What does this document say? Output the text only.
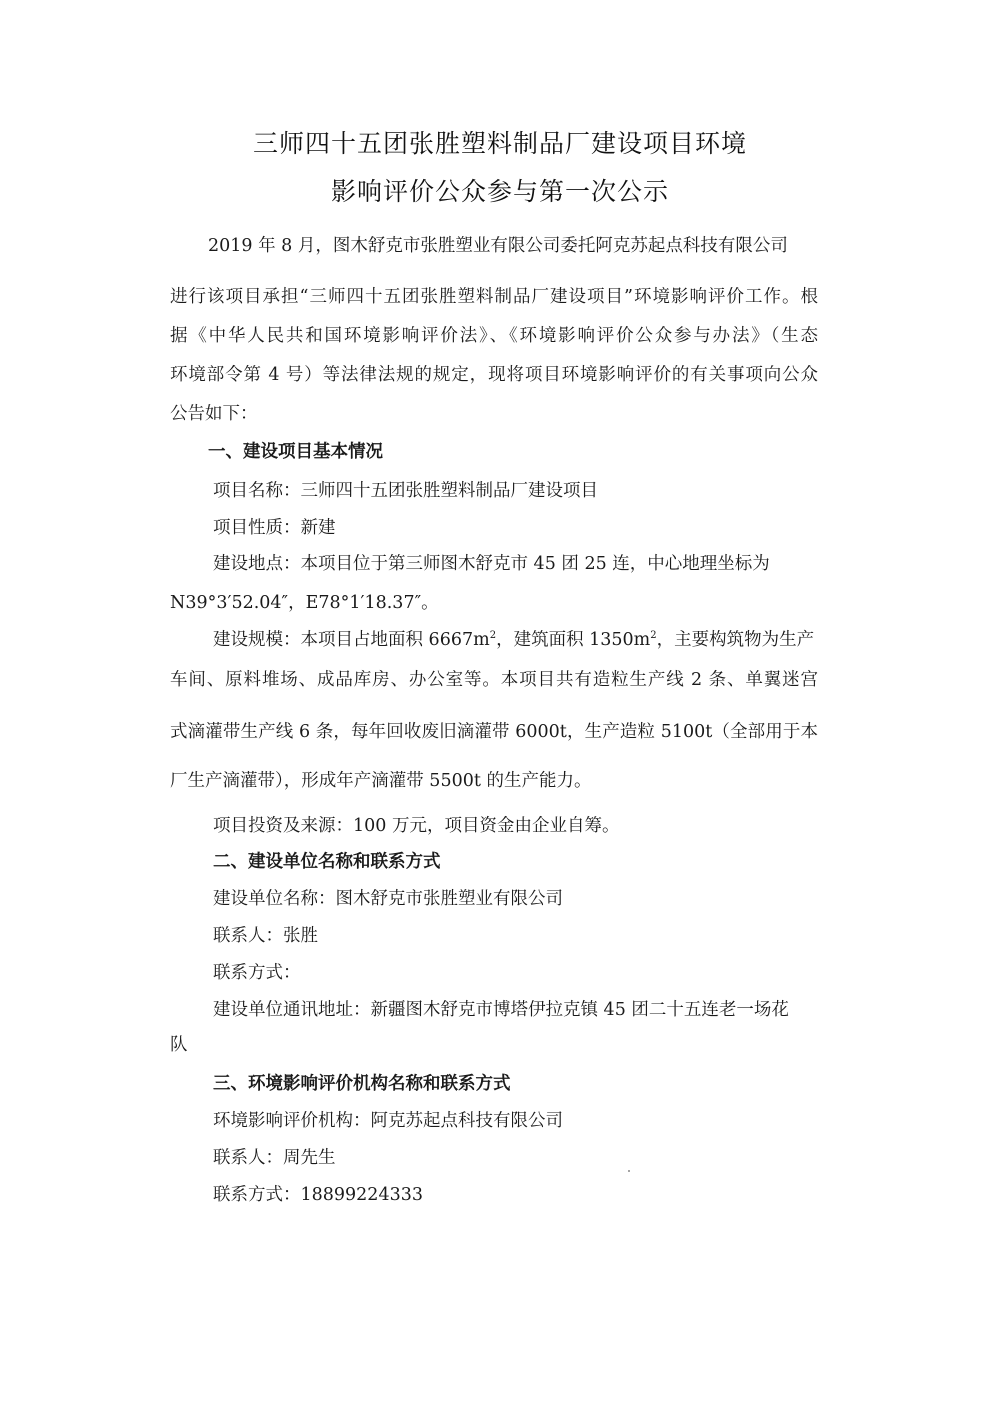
三师四十五团张胜塑料制品厂建设项目环境
影响评价公众参与第一次公示
2019 年 8 月，图木舒克市张胜塑业有限公司委托阿克苏起点科技有限公司
进行该项目承担“三师四十五团张胜塑料制品厂建设项目”环境影响评价工作。根
据《中华人民共和国环境影响评价法》、《环境影响评价公众参与办法》（生态
环境部令第 4 号）等法律法规的规定，现将项目环境影响评价的有关事项向公众
公告如下：
一、建设项目基本情况
项目名称：三师四十五团张胜塑料制品厂建设项目
项目性质：新建
建设地点：本项目位于第三师图木舒克市 45 团 25 连，中心地理坐标为
N39°3′52.04″，E78°1′18.37″。
建设规模：本项目占地面积 $6667m^2$，建筑面积 $1350m^2$，主要构筑物为生产
车间、原料堆场、成品库房、办公室等。本项目共有造粒生产线 2 条、单翼迷宫
式滴灌带生产线 6 条，每年回收废旧滴灌带 6000t，生产造粒 5100t（全部用于本
厂生产滴灌带），形成年产滴灌带 5500t 的生产能力。
项目投资及来源：100 万元，项目资金由企业自筹。
二、建设单位名称和联系方式
建设单位名称：图木舒克市张胜塑业有限公司
联系人：张胜
联系方式：
建设单位通讯地址：新疆图木舒克市博塔伊拉克镇 45 团二十五连老一场花
队
三、环境影响评价机构名称和联系方式
环境影响评价机构：阿克苏起点科技有限公司
联系人：周先生
联系方式：18899224333
